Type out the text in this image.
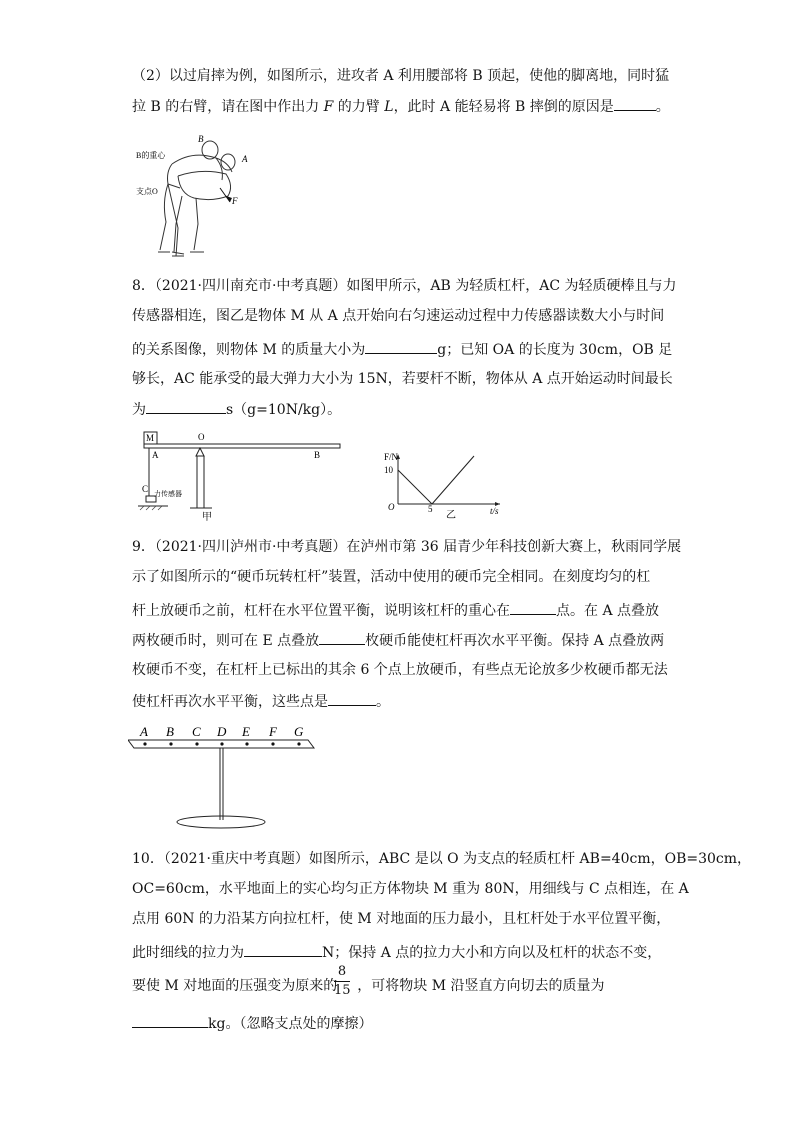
（2）以过肩摔为例，如图所示，进攻者 A 利用腰部将 B 顶起，使他的脚离地，同时猛
拉 B 的右臂，请在图中作出力 F 的力臂 L，此时 A 能轻易将 B 摔倒的原因是	。
B
B的重心	A
支点O
F
8．（2021·四川南充市·中考真题）如图甲所示，AB 为轻质杠杆，AC 为轻质硬棒且与力
传感器相连，图乙是物体 M 从 A 点开始向右匀速运动过程中力传感器读数大小与时间
的关系图像，则物体 M 的质量大小为	g；已知 OA 的长度为 30cm，OB 足
够长，AC 能承受的最大弹力大小为 15N，若要杆不断，物体从 A 点开始运动时间最长
为	s（g=10N/kg）。
M	O
A	B
C 力传感器
甲
F/N
10
O	5	t/s
乙
9．（2021·四川泸州市·中考真题）在泸州市第 36 届青少年科技创新大赛上，秋雨同学展
示了如图所示的“硬币玩转杠杆”装置，活动中使用的硬币完全相同。在刻度均匀的杠
杆上放硬币之前，杠杆在水平位置平衡，说明该杠杆的重心在	点。在 A 点叠放
两枚硬币时，则可在 E 点叠放	枚硬币能使杠杆再次水平平衡。保持 A 点叠放两
枚硬币不变，在杠杆上已标出的其余 6 个点上放硬币，有些点无论放多少枚硬币都无法
使杠杆再次水平平衡，这些点是	。
A B C D E F G
10．（2021·重庆中考真题）如图所示，ABC 是以 O 为支点的轻质杠杆 AB=40cm，OB=30cm，
OC=60cm，水平地面上的实心均匀正方体物块 M 重为 80N，用细线与 C 点相连，在 A
点用 60N 的力沿某方向拉杠杆，使 M 对地面的压力最小，且杠杆处于水平位置平衡，
此时细线的拉力为	N；保持 A 点的拉力大小和方向以及杠杆的状态不变，
要使 M 对地面的压强变为原来的 ，可将物块 M 沿竖直方向切去的质量为
8
15
kg。（忽略支点处的摩擦）
